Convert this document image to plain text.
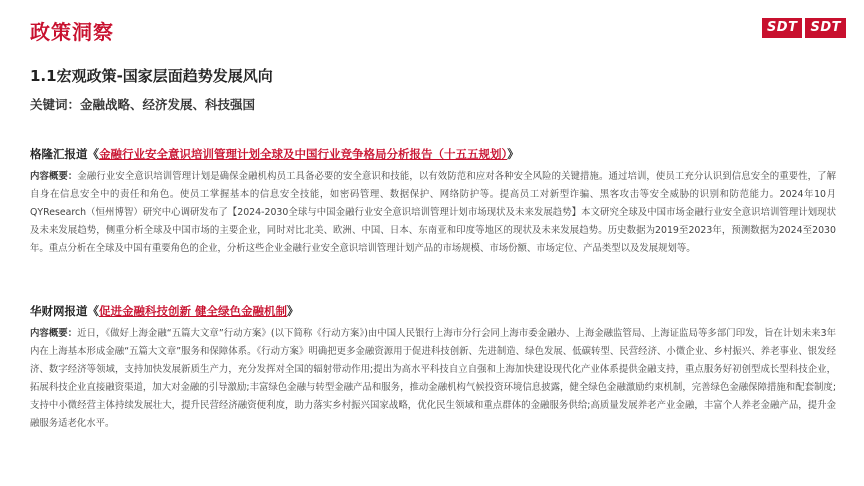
政策洞察	SDT	SDT
1.1宏观政策-国家层面趋势发展风向
关键词：金融战略、经济发展、科技强国
格隆汇报道《金融行业安全意识培训管理计划全球及中国行业竞争格局分析报告（十五五规划）》
内容概要：金融行业安全意识培训管理计划是确保金融机构员工具备必要的安全意识和技能，以有效防范和应对各种安全风险的关键措施。通过培训，使员工充分认识到信息安全的重要性，了解自身在信息安全中的责任和角色。使员工掌握基本的信息安全技能，如密码管理、数据保护、网络防护等。提高员工对新型诈骗、黑客攻击等安全威胁的识别和防范能力。2024年10月QYResearch（恒州博智）研究中心调研发布了【2024-2030全球与中国金融行业安全意识培训管理计划市场现状及未来发展趋势】本文研究全球及中国市场金融行业安全意识培训管理计划现状及未来发展趋势，侧重分析全球及中国市场的主要企业，同时对比北美、欧洲、中国、日本、东南亚和印度等地区的现状及未来发展趋势。历史数据为2019至2023年，预测数据为2024至2030年。重点分析在全球及中国有重要角色的企业，分析这些企业金融行业安全意识培训管理计划产品的市场规模、市场份额、市场定位、产品类型以及发展规划等。
华财网报道《促进金融科技创新 健全绿色金融机制》
内容概要：近日，《做好上海金融“五篇大文章”行动方案》(以下简称《行动方案》)由中国人民银行上海市分行会同上海市委金融办、上海金融监管局、上海证监局等多部门印发，旨在计划未来3年内在上海基本形成金融“五篇大文章”服务和保障体系。《行动方案》明确把更多金融资源用于促进科技创新、先进制造、绿色发展、低碳转型、民营经济、小微企业、乡村振兴、养老事业、银发经济、数字经济等领域，支持加快发展新质生产力，充分发挥对全国的辐射带动作用;提出为高水平科技自立自强和上海加快建设现代化产业体系提供金融支持，重点服务好初创型成长型科技企业，拓展科技企业直接融资渠道，加大对金融的引导激励;丰富绿色金融与转型金融产品和服务，推动金融机构气候投资环境信息披露，健全绿色金融激励约束机制，完善绿色金融保障措施和配套制度;支持中小微经营主体持续发展壮大，提升民营经济融资便利度，助力落实乡村振兴国家战略，优化民生领域和重点群体的金融服务供给;高质量发展养老产业金融，丰富个人养老金融产品，提升金融服务适老化水平。
